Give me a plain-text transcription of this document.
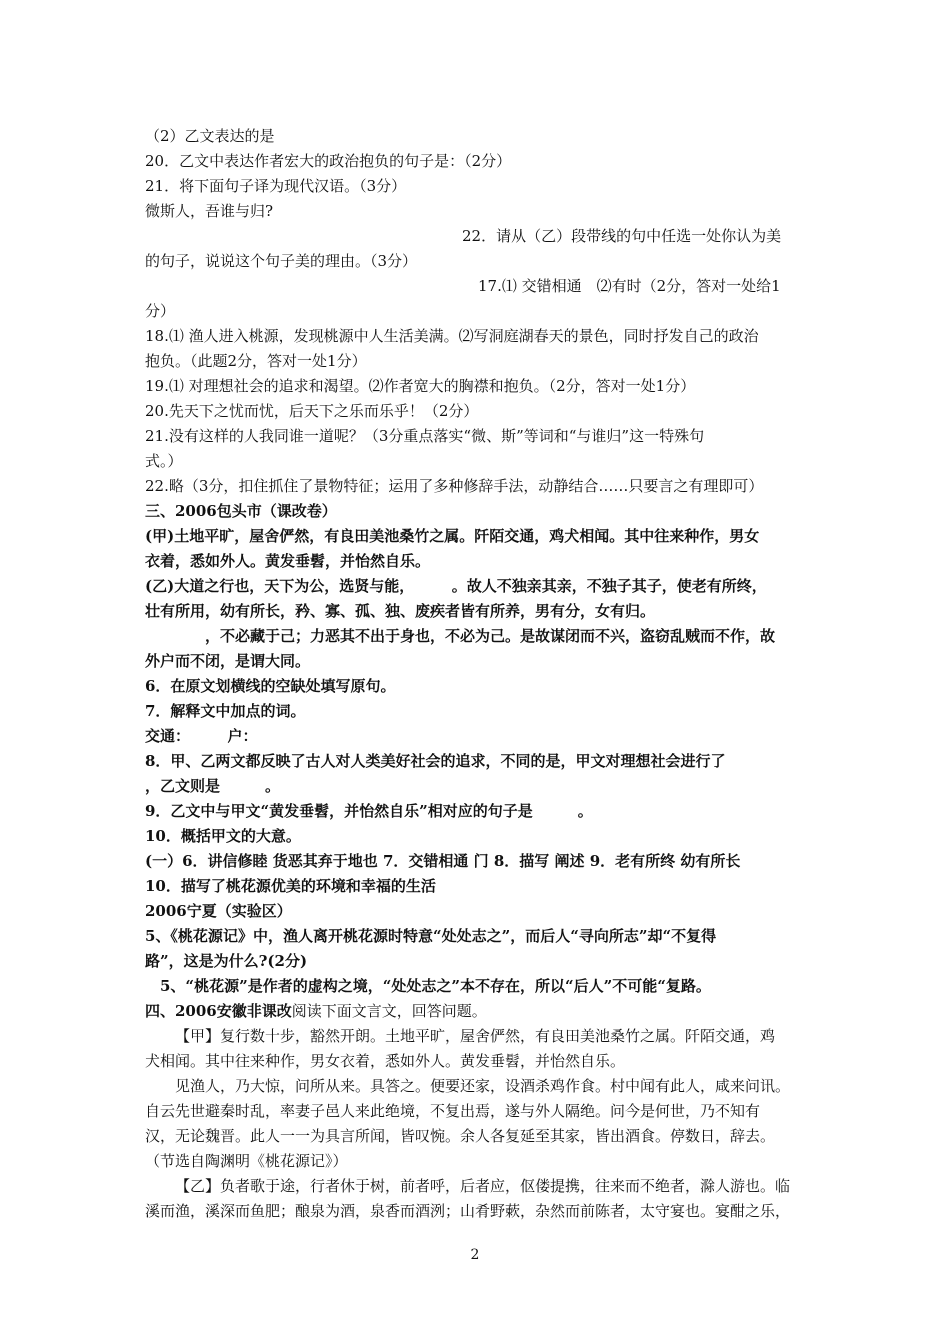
（2）乙文表达的是
20．乙文中表达作者宏大的政治抱负的句子是：（2分）
21．将下面句子译为现代汉语。（3分）
微斯人，吾谁与归?
22．请从（乙）段带线的句中任选一处你认为美
的句子，说说这个句子美的理由。（3分）
17.⑴ 交错相通　⑵有时（2分，答对一处给1
分）
18.⑴ 渔人进入桃源，发现桃源中人生活美满。⑵写洞庭湖春天的景色，同时抒发自己的政治
抱负。（此题2分，答对一处1分）
19.⑴ 对理想社会的追求和渴望。⑵作者宽大的胸襟和抱负。（2分，答对一处1分）
20.先天下之忧而忧，后天下之乐而乐乎！（2分）
21.没有这样的人我同谁一道呢？（3分重点落实“微、斯”等词和“与谁归”这一特殊句
式。）
22.略（3分，扣住抓住了景物特征；运用了多种修辞手法，动静结合……只要言之有理即可）
三、2006包头市（课改卷）
(甲)土地平旷，屋舍俨然，有良田美池桑竹之属。阡陌交通，鸡犬相闻。其中往来种作，男女
衣着，悉如外人。黄发垂髫，并怡然自乐。
(乙)大道之行也，天下为公，选贤与能，　　　。故人不独亲其亲，不独子其子，使老有所终，
壮有所用，幼有所长，矜、寡、孤、独、废疾者皆有所养，男有分，女有归。
　　　　，不必藏于己；力恶其不出于身也，不必为己。是故谋闭而不兴，盗窃乱贼而不作，故
外户而不闭，是谓大同。
6．在原文划横线的空缺处填写原句。
7．解释文中加点的词。
交通：　　　户：
8．甲、乙两文都反映了古人对人类美好社会的追求，不同的是，甲文对理想社会进行了
，乙文则是　　　。
9．乙文中与甲文“黄发垂髫，并怡然自乐”相对应的句子是　　　。
10．概括甲文的大意。
(一）6．讲信修睦 货恶其弃于地也 7．交错相通 门 8．描写 阐述 9．老有所终 幼有所长
10．描写了桃花源优美的环境和幸福的生活
2006宁夏（实验区）
5、《桃花源记》中，渔人离开桃花源时特意“处处志之”，而后人“寻向所志”却“不复得
路”，这是为什么?(2分)
5、“桃花源”是作者的虚构之境，“处处志之”本不存在，所以“后人”不可能“复路。
四、2006安徽非课改阅读下面文言文，回答问题。
【甲】复行数十步，豁然开朗。土地平旷，屋舍俨然，有良田美池桑竹之属。阡陌交通，鸡
犬相闻。其中往来种作，男女衣着，悉如外人。黄发垂髫，并怡然自乐。
见渔人，乃大惊，问所从来。具答之。便要还家，设酒杀鸡作食。村中闻有此人，咸来问讯。
自云先世避秦时乱，率妻子邑人来此绝境，不复出焉，遂与外人隔绝。问今是何世，乃不知有
汉，无论魏晋。此人一一为具言所闻，皆叹惋。余人各复延至其家，皆出酒食。停数日，辞去。
（节选自陶渊明《桃花源记》）
【乙】负者歌于途，行者休于树，前者呼，后者应，伛偻提携，往来而不绝者，滁人游也。临
溪而渔，溪深而鱼肥；酿泉为酒，泉香而酒洌；山肴野蔌，杂然而前陈者，太守宴也。宴酣之乐，
2
